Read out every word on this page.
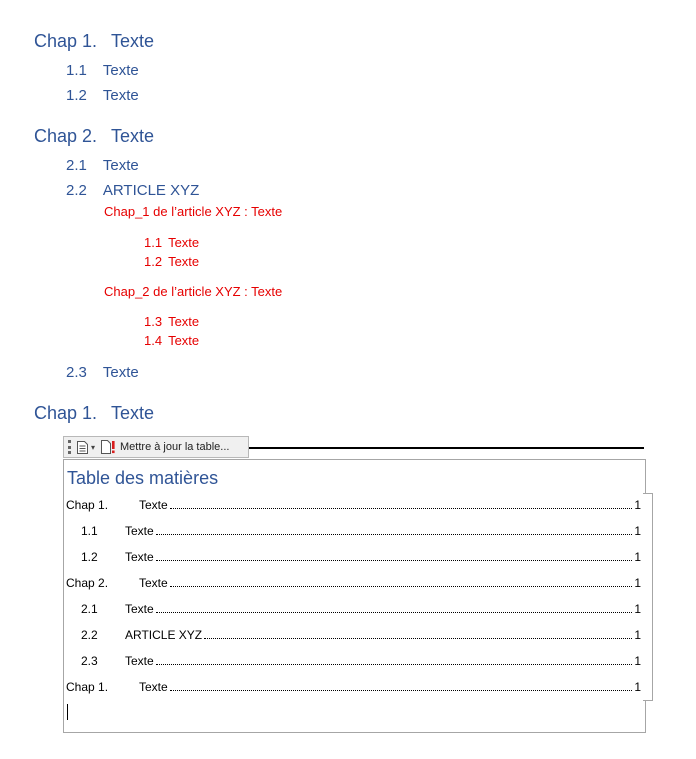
Chap 1. Texte
1.1 Texte
1.2 Texte
Chap 2. Texte
2.1 Texte
2.2 ARTICLE XYZ
Chap_1 de l’article XYZ : Texte
1.1 Texte
1.2 Texte
Chap_2 de l’article XYZ : Texte
1.3 Texte
1.4 Texte
2.3 Texte
Chap 1. Texte
▾ Mettre à jour la table...
Table des matières
Chap 1.	Texte	1
1.1	Texte	1
1.2	Texte	1
Chap 2.	Texte	1
2.1	Texte	1
2.2	ARTICLE XYZ	1
2.3	Texte	1
Chap 1.	Texte	1
